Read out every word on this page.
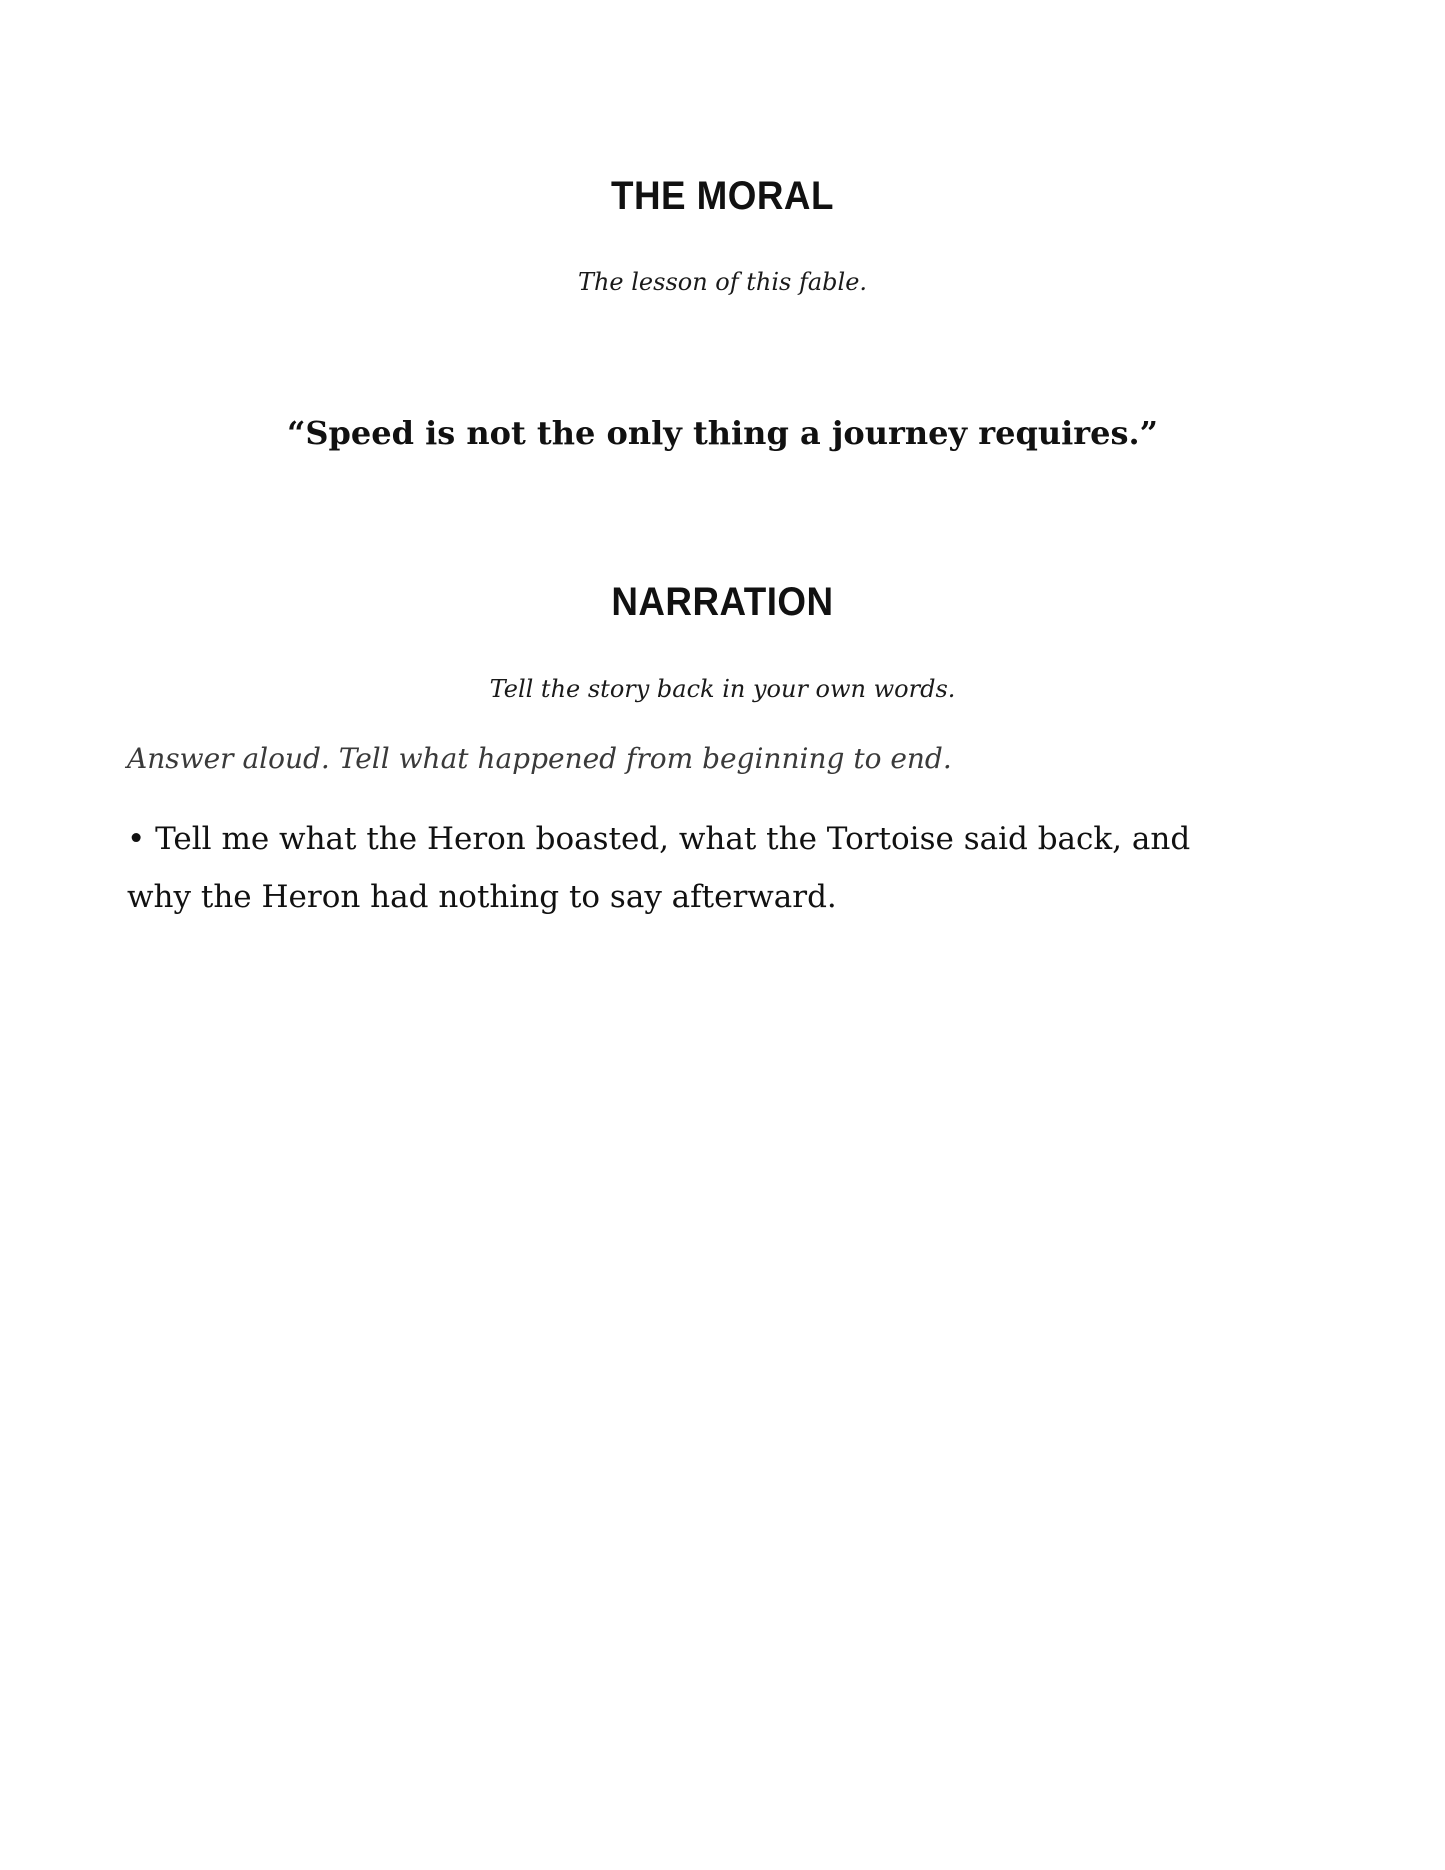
THE MORAL

The lesson of this fable.

“Speed is not the only thing a journey requires.”

NARRATION

Tell the story back in your own words.

Answer aloud. Tell what happened from beginning to end.

• Tell me what the Heron boasted, what the Tortoise said back, and why the Heron had nothing to say afterward.
